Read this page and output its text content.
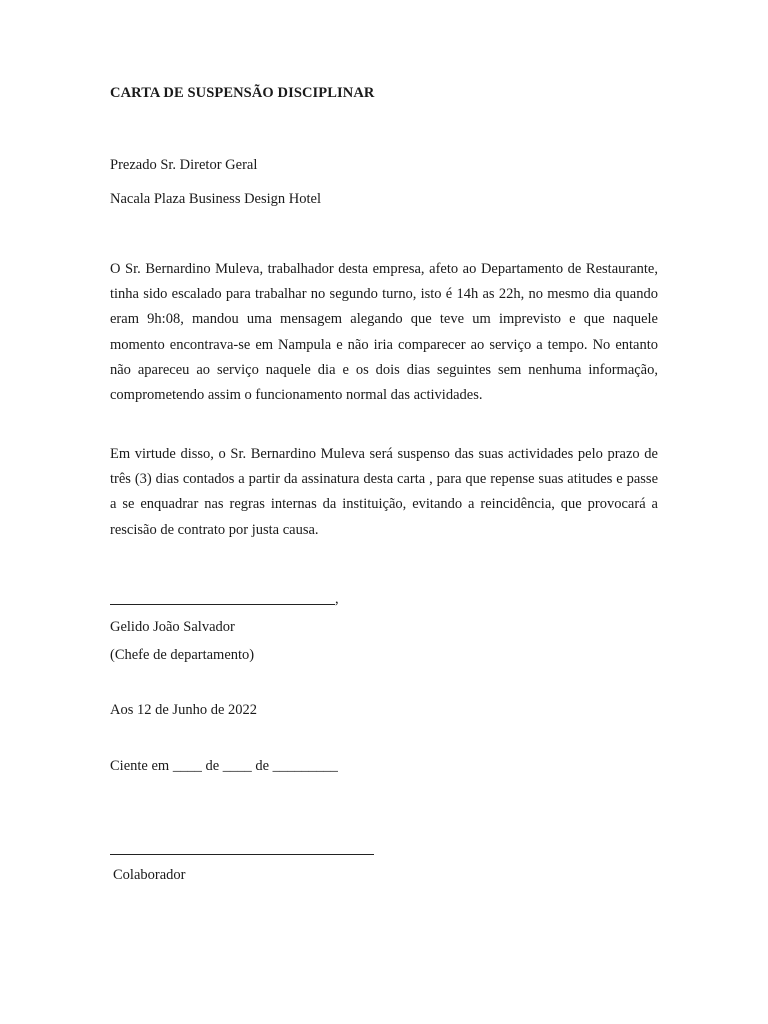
CARTA DE SUSPENSÃO DISCIPLINAR
Prezado Sr. Diretor Geral
Nacala Plaza Business Design Hotel
O Sr. Bernardino Muleva, trabalhador desta empresa, afeto ao Departamento de Restaurante, tinha sido escalado para trabalhar no segundo turno, isto é 14h as 22h, no mesmo dia quando eram 9h:08, mandou uma mensagem alegando que teve um imprevisto e que naquele momento encontrava-se em Nampula e não iria comparecer ao serviço a tempo. No entanto não apareceu ao serviço naquele dia e os dois dias seguintes sem nenhuma informação, comprometendo assim o funcionamento normal das actividades.
Em virtude disso, o Sr. Bernardino Muleva será suspenso das suas actividades pelo prazo de três (3) dias contados a partir da assinatura desta carta , para que repense suas atitudes e passe a se enquadrar nas regras internas da instituição, evitando a reincidência, que provocará a rescisão de contrato por justa causa.
,
Gelido João Salvador
(Chefe de departamento)
Aos 12 de Junho de 2022
Ciente em ____ de ____ de _________
Colaborador
